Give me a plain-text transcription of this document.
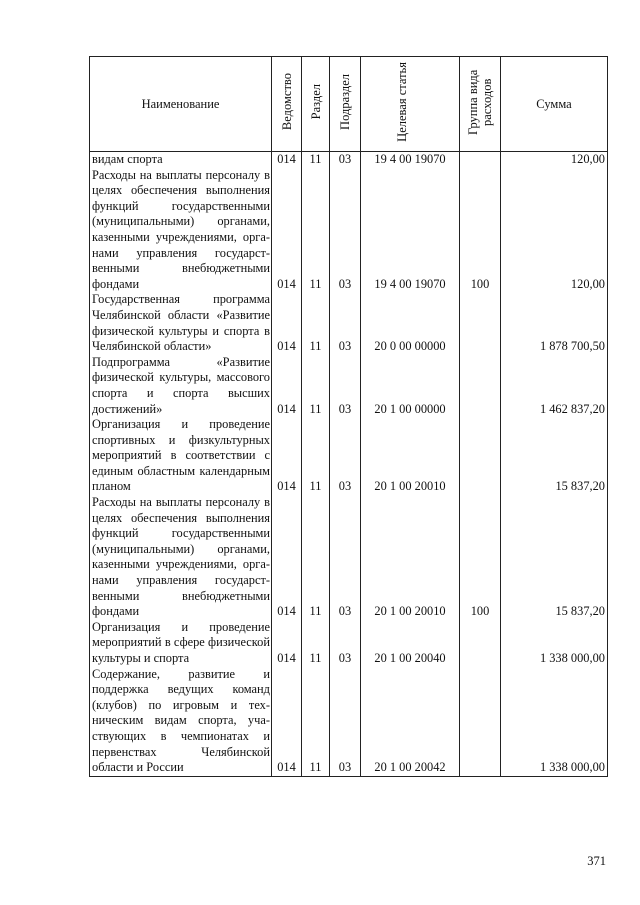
Наименование	Ведомство	Раздел	Подраздел	Целевая статья	Группа вида расходов	Сумма
видам спорта	014	11	03	19 4 00 19070		120,00
Расходы на выплаты персоналу в целях обеспечения выполнения функций государственными (муниципальными) органами, казенными учреждениями, органами управления государственными внебюджетными фондами	014	11	03	19 4 00 19070	100	120,00
Государственная программа Челябинской области «Развитие физической культуры и спорта в Челябинской области»	014	11	03	20 0 00 00000		1 878 700,50
Подпрограмма «Развитие физической культуры, массового спорта и спорта высших достижений»	014	11	03	20 1 00 00000		1 462 837,20
Организация и проведение спортивных и физкультурных мероприятий в соответствии с единым областным календарным планом	014	11	03	20 1 00 20010		15 837,20
Расходы на выплаты персоналу в целях обеспечения выполнения функций государственными (муниципальными) органами, казенными учреждениями, органами управления государственными внебюджетными фондами	014	11	03	20 1 00 20010	100	15 837,20
Организация и проведение мероприятий в сфере физической культуры и спорта	014	11	03	20 1 00 20040		1 338 000,00
Содержание, развитие и поддержка ведущих команд (клубов) по игровым и техническим видам спорта, участвующих в чемпионатах и первенствах Челябинской области и России	014	11	03	20 1 00 20042		1 338 000,00
371
